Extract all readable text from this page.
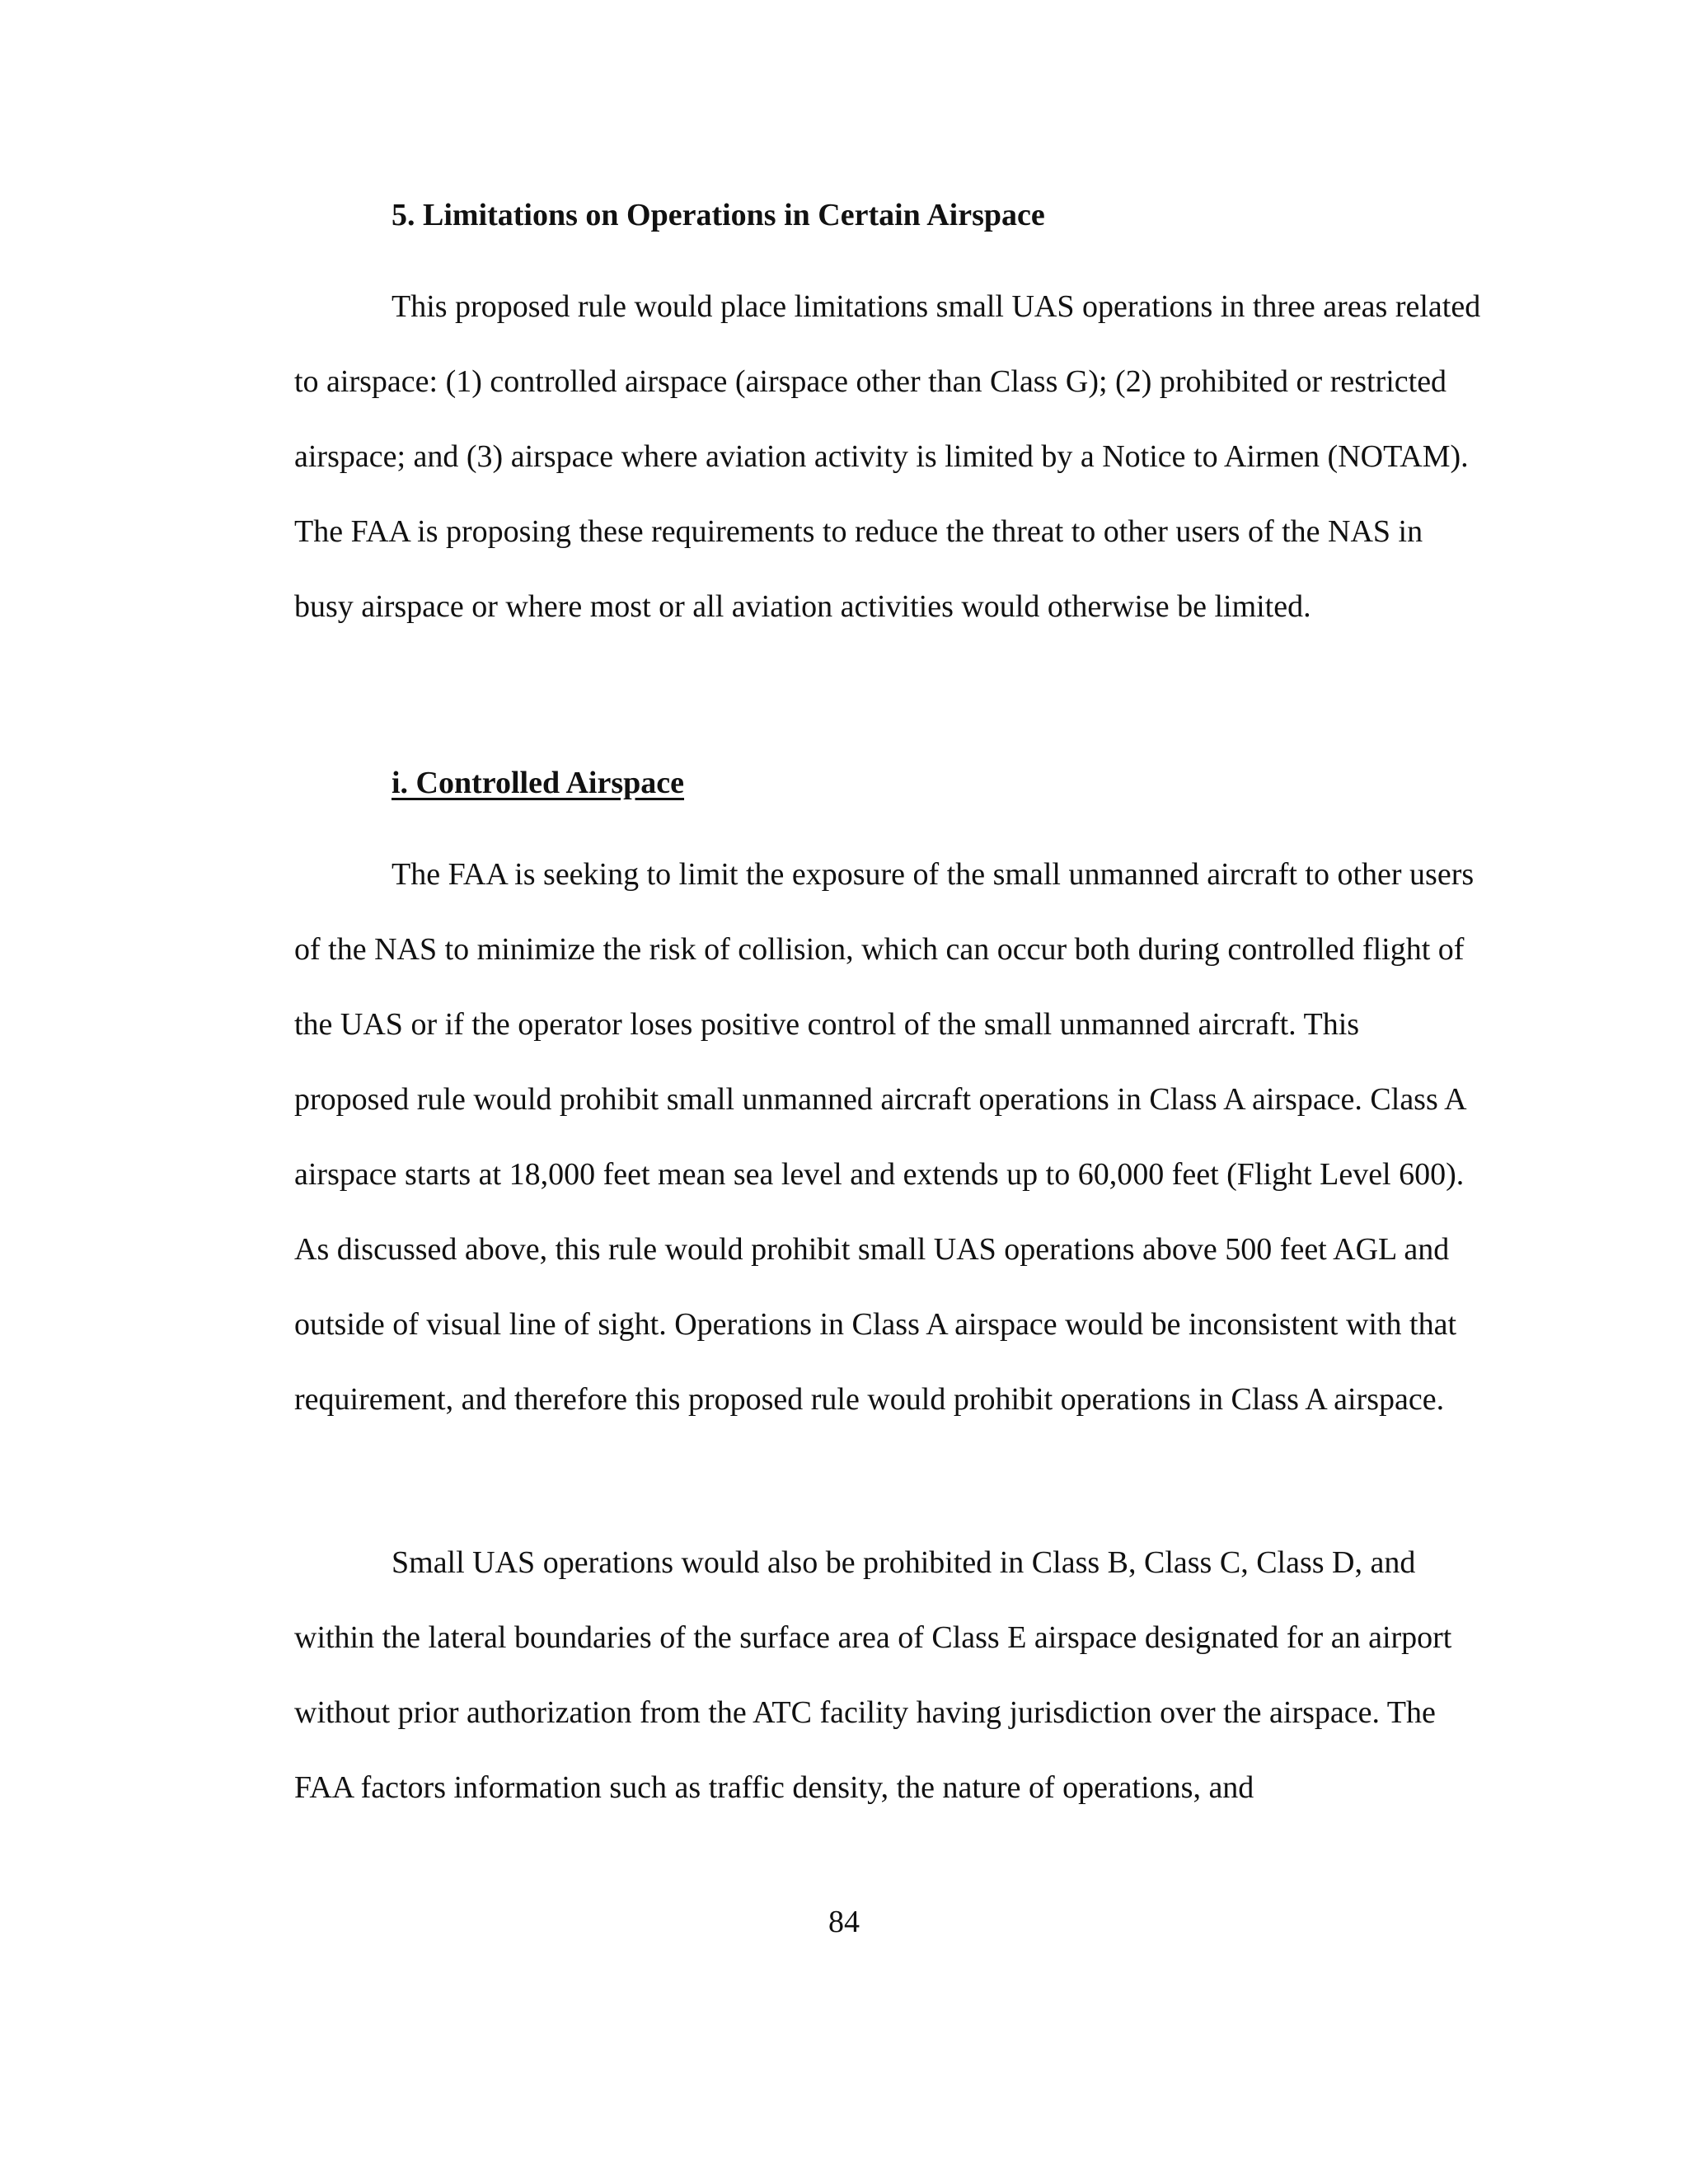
5. Limitations on Operations in Certain Airspace

This proposed rule would place limitations small UAS operations in three areas related to airspace: (1) controlled airspace (airspace other than Class G); (2) prohibited or restricted airspace; and (3) airspace where aviation activity is limited by a Notice to Airmen (NOTAM). The FAA is proposing these requirements to reduce the threat to other users of the NAS in busy airspace or where most or all aviation activities would otherwise be limited.

i. Controlled Airspace

The FAA is seeking to limit the exposure of the small unmanned aircraft to other users of the NAS to minimize the risk of collision, which can occur both during controlled flight of the UAS or if the operator loses positive control of the small unmanned aircraft. This proposed rule would prohibit small unmanned aircraft operations in Class A airspace. Class A airspace starts at 18,000 feet mean sea level and extends up to 60,000 feet (Flight Level 600). As discussed above, this rule would prohibit small UAS operations above 500 feet AGL and outside of visual line of sight. Operations in Class A airspace would be inconsistent with that requirement, and therefore this proposed rule would prohibit operations in Class A airspace.

Small UAS operations would also be prohibited in Class B, Class C, Class D, and within the lateral boundaries of the surface area of Class E airspace designated for an airport without prior authorization from the ATC facility having jurisdiction over the airspace. The FAA factors information such as traffic density, the nature of operations, and

84
